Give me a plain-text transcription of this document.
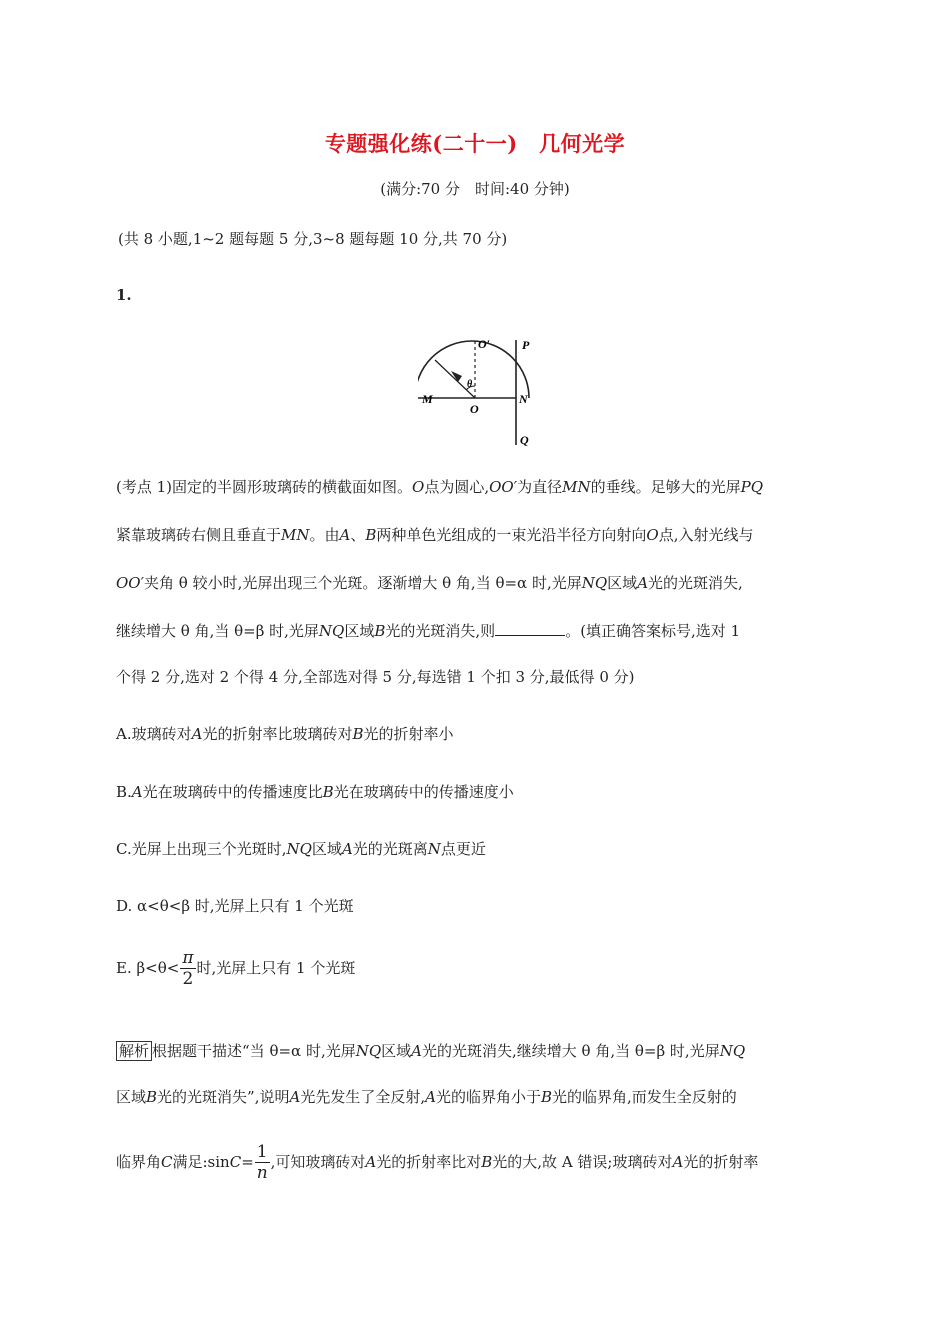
专题强化练(二十一)　几何光学
(满分:70 分　时间:40 分钟)
(共 8 小题,1~2 题每题 5 分,3~8 题每题 10 分,共 70 分)
1.
O′	P
θ
M
O
N
Q
(考点 1)固定的半圆形玻璃砖的横截面如图。O点为圆心,OO′为直径MN的垂线。足够大的光屏PQ
紧靠玻璃砖右侧且垂直于MN。由A、B两种单色光组成的一束光沿半径方向射向O点,入射光线与
OO′夹角 θ 较小时,光屏出现三个光斑。逐渐增大 θ 角,当 θ=α 时,光屏NQ区域A光的光斑消失,
继续增大 θ 角,当 θ=β 时,光屏NQ区域B光的光斑消失,则	。(填正确答案标号,选对 1
个得 2 分,选对 2 个得 4 分,全部选对得 5 分,每选错 1 个扣 3 分,最低得 0 分)
A.玻璃砖对A光的折射率比玻璃砖对B光的折射率小
B.A光在玻璃砖中的传播速度比B光在玻璃砖中的传播速度小
C.光屏上出现三个光斑时,NQ区域A光的光斑离N点更近
D. α<θ<β 时,光屏上只有 1 个光斑
E. $\beta<\theta< \frac{\pi}{2}$ 时,光屏上只有 1 个光斑
解析 根据题干描述“当 θ=α 时,光屏NQ区域A光的光斑消失,继续增大 θ 角,当 θ=β 时,光屏NQ
区域B光的光斑消失”,说明A光先发生了全反射,A光的临界角小于B光的临界角,而发生全反射的
临界角C满足:sinC= $\frac{1}{n}$ ,可知玻璃砖对A光的折射率比对B光的大,故 A 错误;玻璃砖对A光的折射率
